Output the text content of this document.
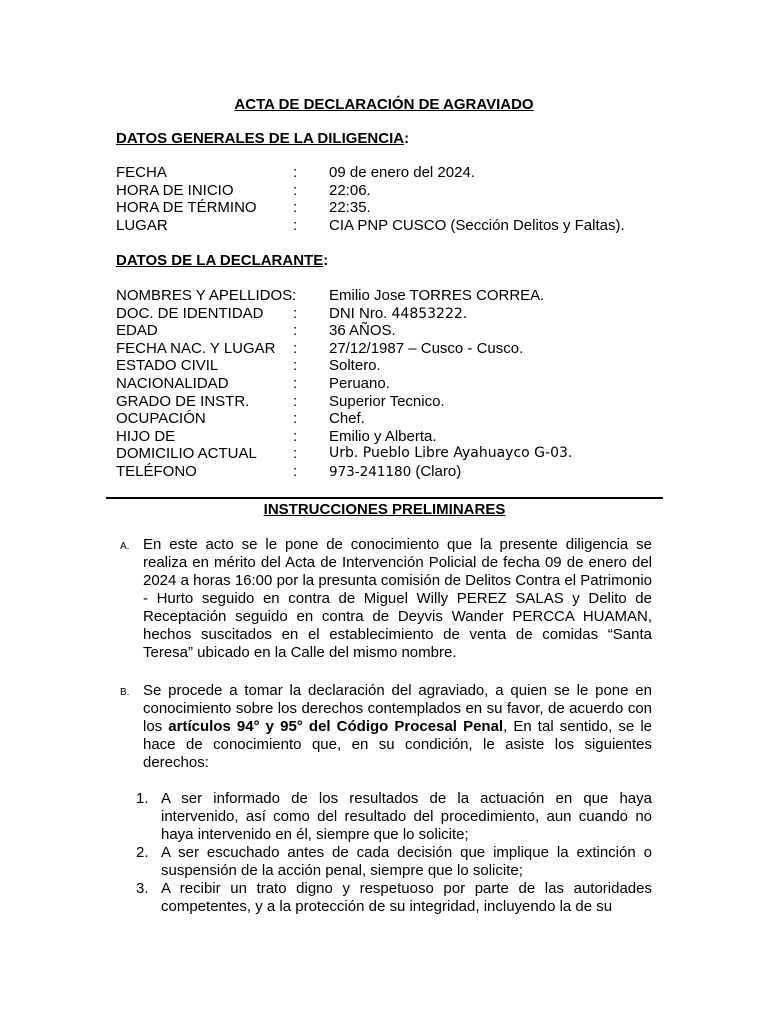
ACTA DE DECLARACIÓN DE AGRAVIADO
DATOS GENERALES DE LA DILIGENCIA:
FECHA	: 09 de enero del 2024.
HORA DE INICIO	: 22:06.
HORA DE TÉRMINO : 22:35.
LUGAR	: CIA PNP CUSCO (Sección Delitos y Faltas).
DATOS DE LA DECLARANTE:
NOMBRES Y APELLIDOS: Emilio Jose TORRES CORREA.
DOC. DE IDENTIDAD : DNI Nro. 44853222.
EDAD	: 36 AÑOS.
FECHA NAC. Y LUGAR : 27/12/1987 – Cusco - Cusco.
ESTADO CIVIL	: Soltero.
NACIONALIDAD	: Peruano.
GRADO DE INSTR.	: Superior Tecnico.
OCUPACIÓN	: Chef.
HIJO DE	: Emilio y Alberta.
DOMICILIO ACTUAL : Urb. Pueblo Libre Ayahuayco G-03.
TELÉFONO	: 973-241180 (Claro)
INSTRUCCIONES PRELIMINARES
A. En este acto se le pone de conocimiento que la presente diligencia se realiza en mérito del Acta de Intervención Policial de fecha 09 de enero del 2024 a horas 16:00 por la presunta comisión de Delitos Contra el Patrimonio - Hurto seguido en contra de Miguel Willy PEREZ SALAS y Delito de Receptación seguido en contra de Deyvis Wander PERCCA HUAMAN, hechos suscitados en el establecimiento de venta de comidas “Santa Teresa” ubicado en la Calle del mismo nombre.
B. Se procede a tomar la declaración del agraviado, a quien se le pone en conocimiento sobre los derechos contemplados en su favor, de acuerdo con los artículos 94° y 95° del Código Procesal Penal, En tal sentido, se le hace de conocimiento que, en su condición, le asiste los siguientes derechos:
1. A ser informado de los resultados de la actuación en que haya intervenido, así como del resultado del procedimiento, aun cuando no haya intervenido en él, siempre que lo solicite;
2. A ser escuchado antes de cada decisión que implique la extinción o suspensión de la acción penal, siempre que lo solicite;
3. A recibir un trato digno y respetuoso por parte de las autoridades competentes, y a la protección de su integridad, incluyendo la de su
